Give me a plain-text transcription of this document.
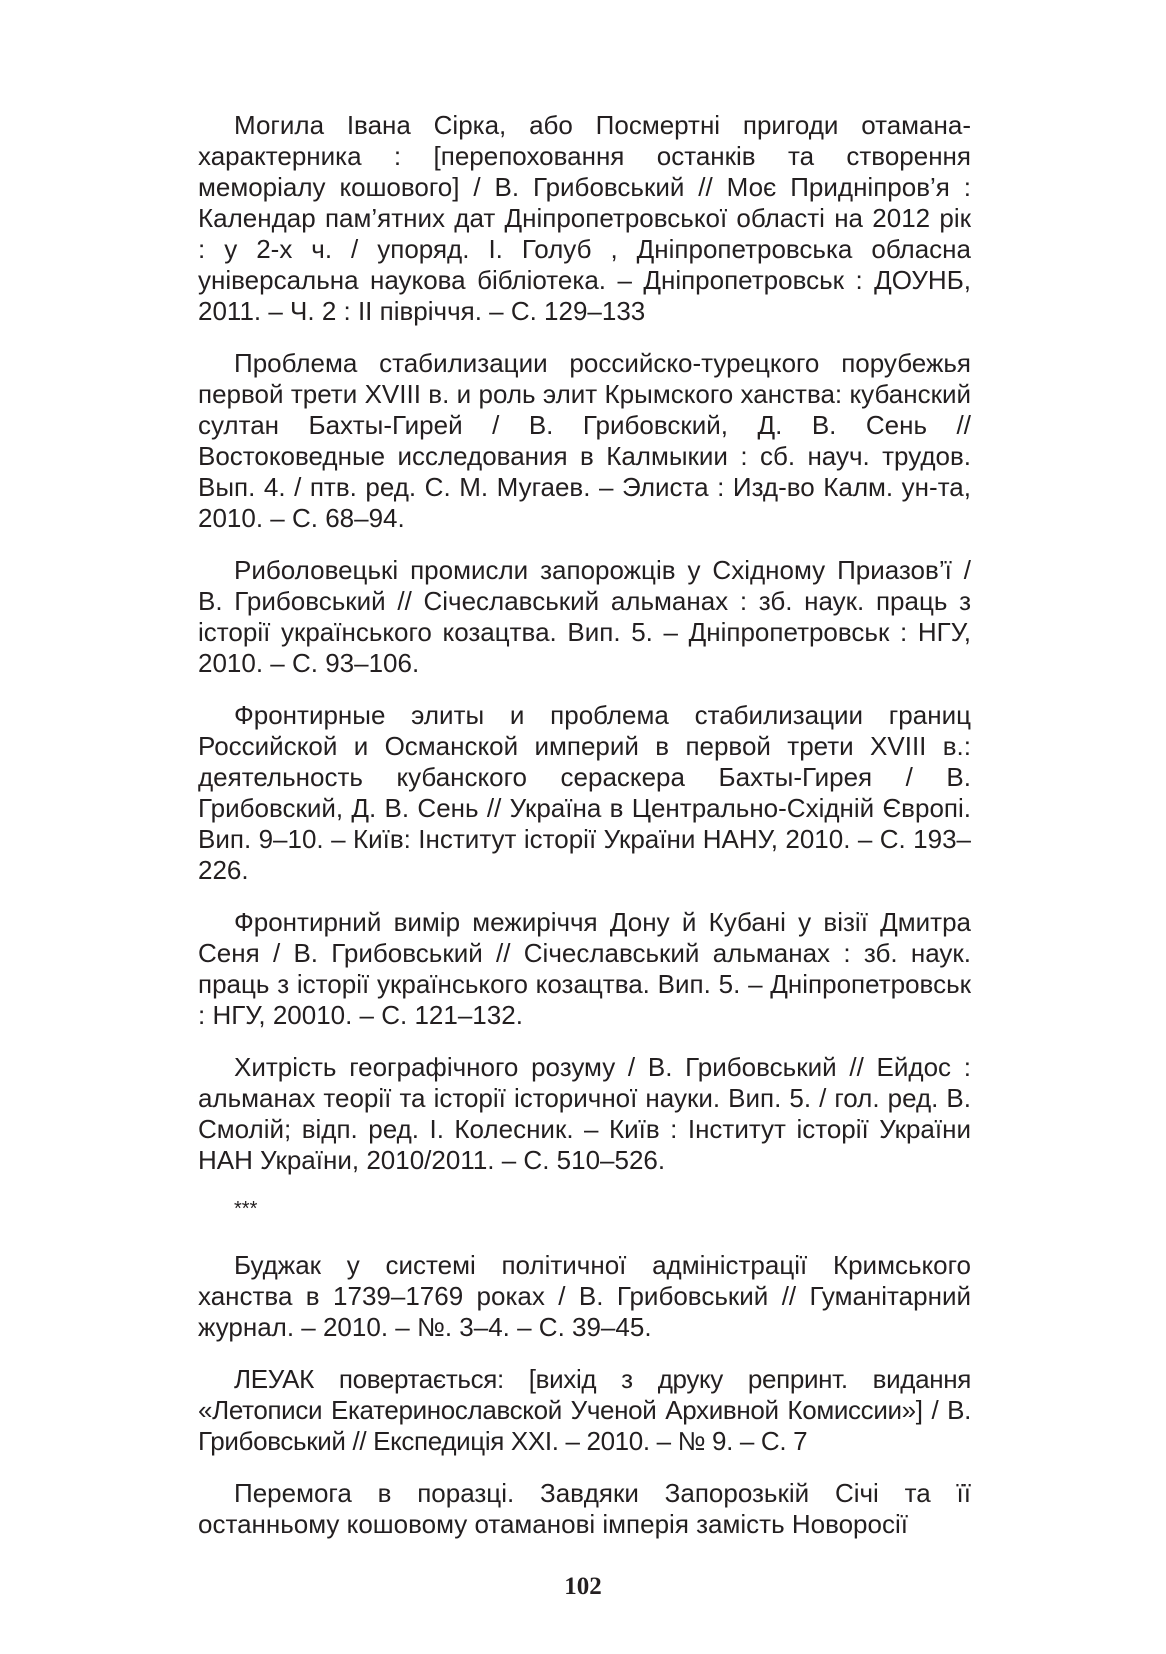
Могила Івана Сірка, або Посмертні пригоди отамана-характерника : [перепоховання останків та створення меморіалу кошового] / В. Грибовський // Моє Придніпров’я : Календар пам’ятних дат Дніпропетровської області на 2012 рік : у 2-х ч. / упоряд. І. Голуб , Дніпропетровська обласна універсальна наукова бібліотека. – Дніпропетровськ : ДОУНБ, 2011. – Ч. 2 : ІІ півріччя. – С. 129–133

Проблема стабилизации российско-турецкого порубежья первой трети XVIII в. и роль элит Крымского ханства: кубанский султан Бахты-Гирей / В. Грибовский, Д. В. Сень // Востоковедные исследования в Калмыкии : сб. науч. трудов. Вып. 4. / птв. ред. С. М. Мугаев. – Элиста : Изд-во Калм. ун-та, 2010. – С. 68–94.

Риболовецькі промисли запорожців у Східному Приазов’ї / В. Грибовський // Січеславський альманах : зб. наук. праць з історії українського козацтва. Вип. 5. – Дніпропетровськ : НГУ, 2010. – С. 93–106.

Фронтирные элиты и проблема стабилизации границ Российской и Османской империй в первой трети XVIII в.: деятельность кубанского сераскера Бахты-Гирея / В. Грибовский, Д. В. Сень // Україна в Центрально-Східній Європі. Вип. 9–10. – Київ: Інститут історії України НАНУ, 2010. – С. 193–226.

Фронтирний вимір межиріччя Дону й Кубані у візії Дмитра Сеня / В. Грибовський // Січеславський альманах : зб. наук. праць з історії українського козацтва. Вип. 5. – Дніпропетровськ : НГУ, 20010. – С. 121–132.

Хитрість географічного розуму / В. Грибовський // Ейдос : альманах теорії та історії історичної науки. Вип. 5. / гол. ред. В. Смолій; відп. ред. І. Колесник. – Київ : Інститут історії України НАН України, 2010/2011. – С. 510–526.

***

Буджак у системі політичної адміністрації Кримського ханства в 1739–1769 роках / В. Грибовський // Гуманітарний журнал. – 2010. – №. 3–4. – С. 39–45.

ЛЕУАК повертається: [вихід з друку репринт. видання «Летописи Екатеринославской Ученой Архивной Комиссии»] / В. Грибовський // Експедиція XXI. – 2010. – № 9. – С. 7

Перемога в поразці. Завдяки Запорозькій Січі та її останньому кошовому отаманові імперія замість Новоросії

102
